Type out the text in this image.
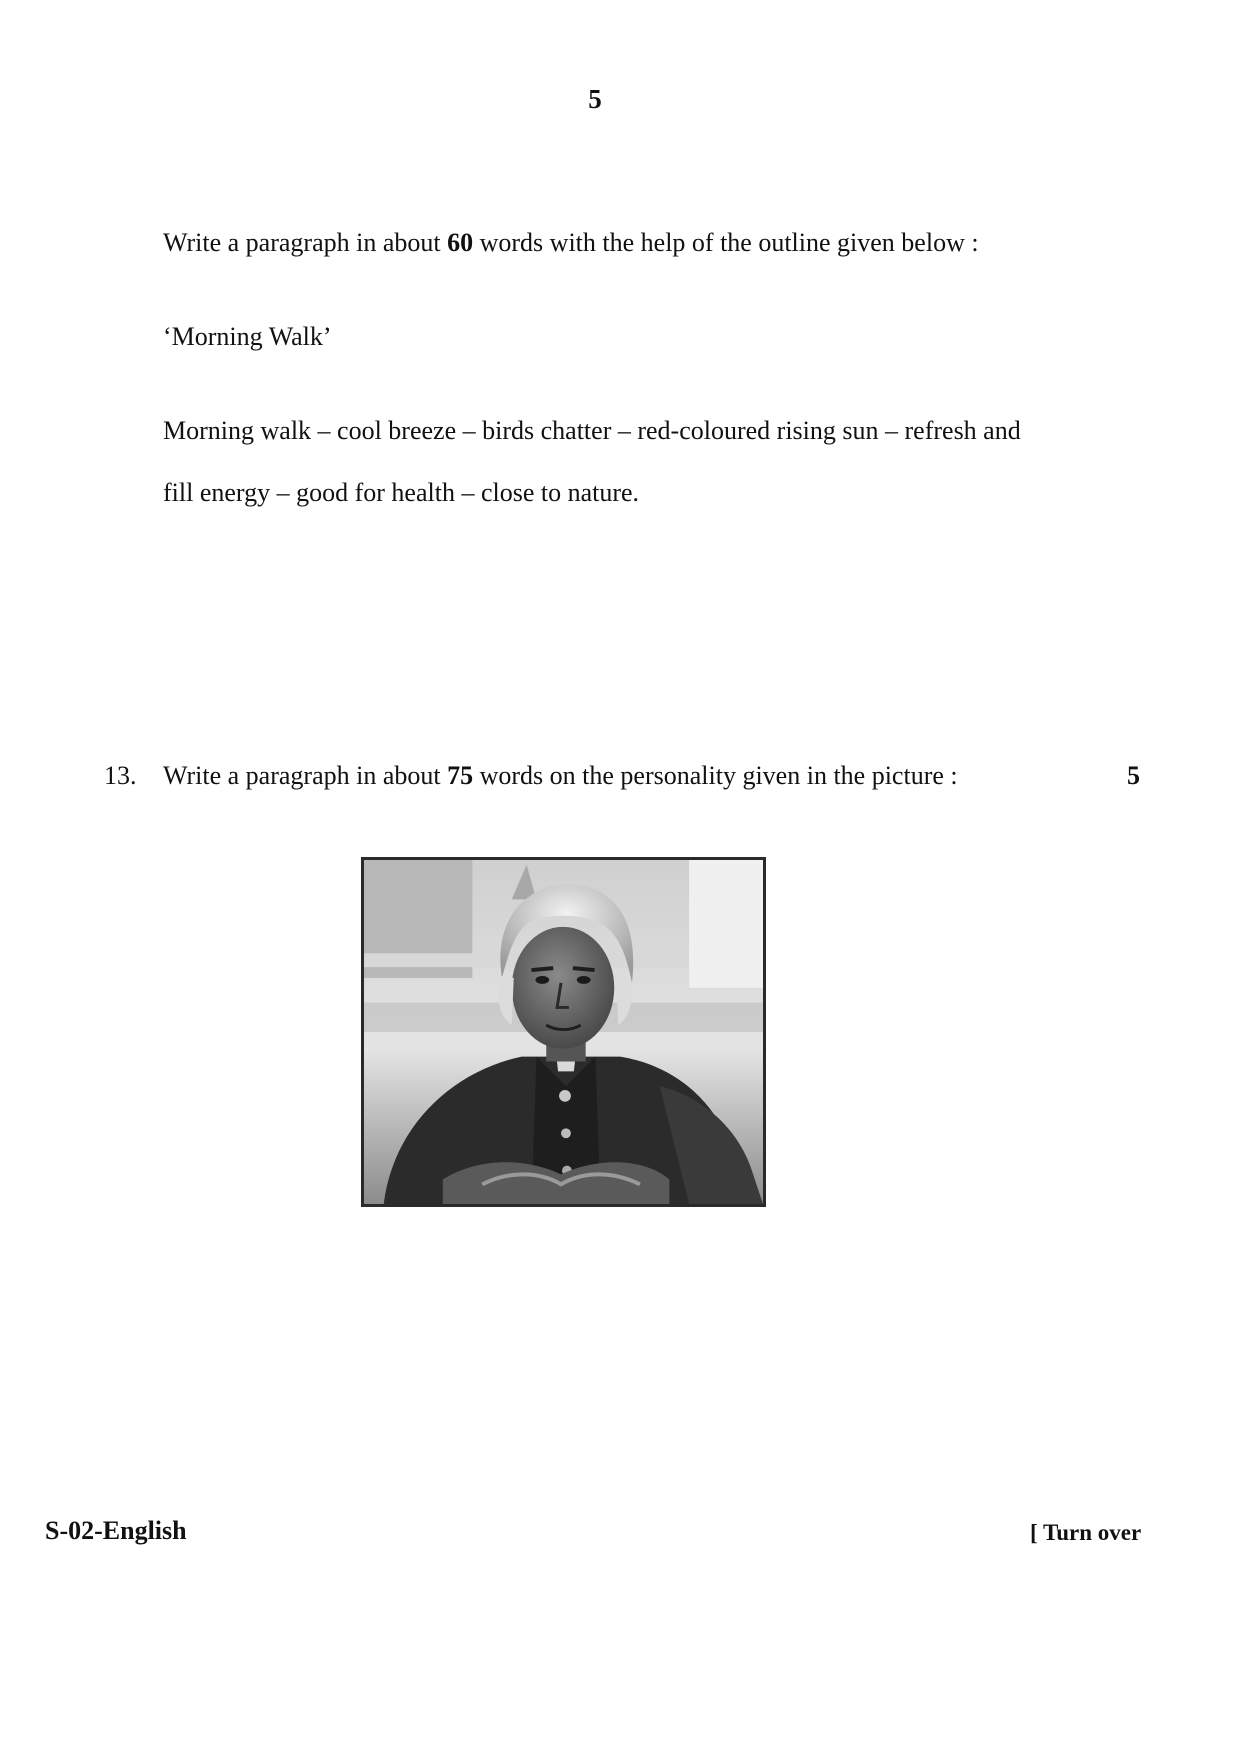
5
Write a paragraph in about 60 words with the help of the outline given below :
‘Morning Walk’
Morning walk – cool breeze – birds chatter – red-coloured rising sun – refresh and
fill energy – good for health – close to nature.
13. Write a paragraph in about 75 words on the personality given in the picture :	5
S-02-English	[ Turn over
